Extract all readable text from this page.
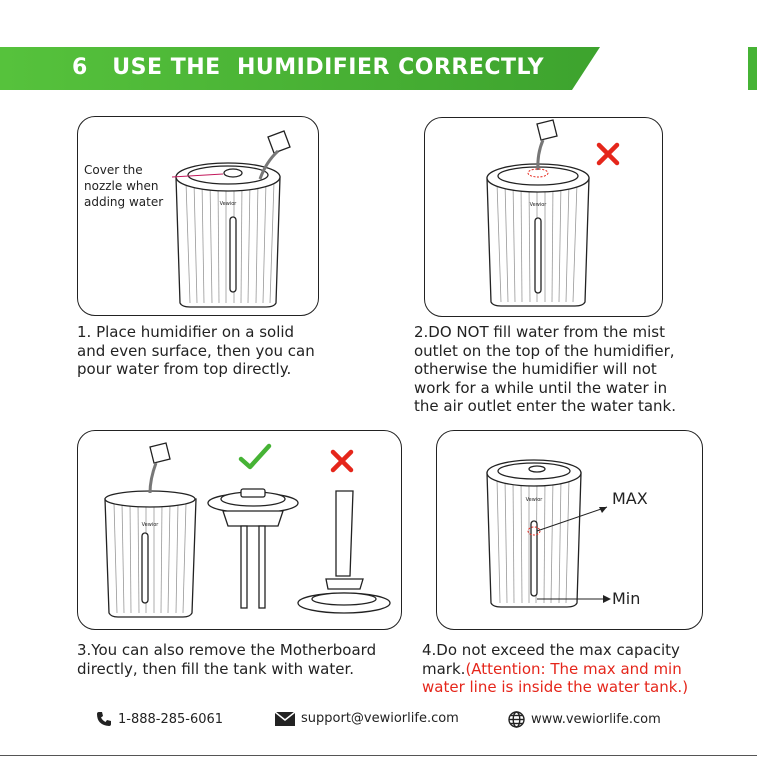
6 USE THE  HUMIDIFIER CORRECTLY
Vewior
Cover the
nozzle when
adding water
1. Place humidifier on a solid
and even surface, then you can
pour water from top directly.
Vewior
2.DO NOT fill water from the mist
outlet on the top of the humidifier,
otherwise the humidifier will not
work for a while until the water in
the air outlet enter the water tank.
Vewior
3.You can also remove the Motherboard
directly, then fill the tank with water.
Vewior	MAX
Min
4.Do not exceed the max capacity
mark.(Attention: The max and min
water line is inside the water tank.)
1-888-285-6061	support@vewiorlife.com	www.vewiorlife.com
